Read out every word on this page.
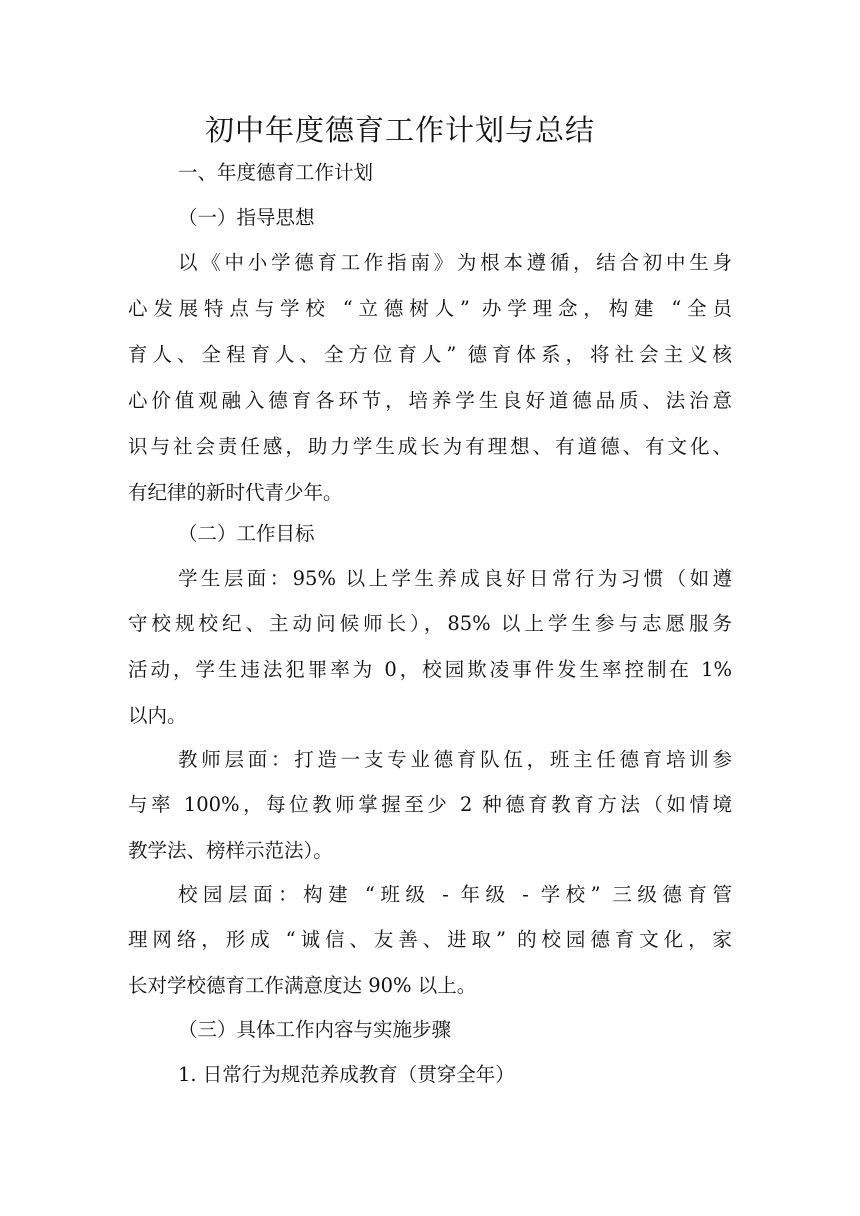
初中年度德育工作计划与总结
一、年度德育工作计划
（一）指导思想
以《中小学德育工作指南》为根本遵循，结合初中生身
心发展特点与学校 “立德树人” 办学理念，构建 “全员
育人、全程育人、全方位育人” 德育体系，将社会主义核
心价值观融入德育各环节，培养学生良好道德品质、法治意
识与社会责任感，助力学生成长为有理想、有道德、有文化、
有纪律的新时代青少年。
（二）工作目标
学生层面：95% 以上学生养成良好日常行为习惯（如遵
守校规校纪、主动问候师长），85% 以上学生参与志愿服务
活动，学生违法犯罪率为 0，校园欺凌事件发生率控制在 1%
以内。
教师层面：打造一支专业德育队伍，班主任德育培训参
与率 100%，每位教师掌握至少 2 种德育教育方法（如情境
教学法、榜样示范法）。
校园层面：构建 “班级 - 年级 - 学校” 三级德育管
理网络，形成 “诚信、友善、进取” 的校园德育文化，家
长对学校德育工作满意度达 90% 以上。
（三）具体工作内容与实施步骤
1. 日常行为规范养成教育（贯穿全年）
